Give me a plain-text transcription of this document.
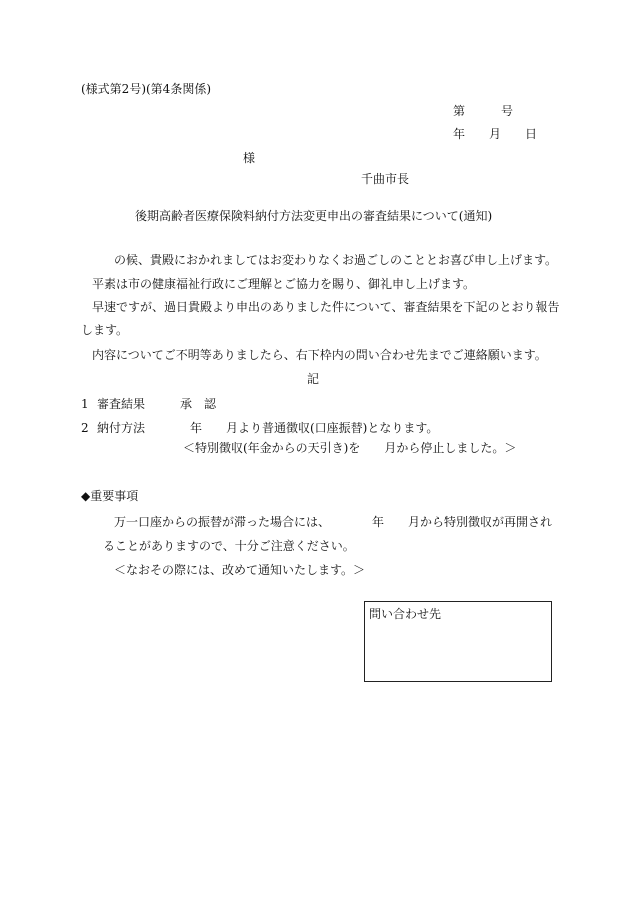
(様式第2号)(第4条関係)
第　　　号
年　　月　　日
様
千曲市長
後期高齢者医療保険料納付方法変更申出の審査結果について(通知)
の候、貴殿におかれましてはお変わりなくお過ごしのこととお喜び申し上げます。
平素は市の健康福祉行政にご理解とご協力を賜り、御礼申し上げます。
早速ですが、過日貴殿より申出のありました件について、審査結果を下記のとおり報告
します。
内容についてご不明等ありましたら、右下枠内の問い合わせ先までご連絡願います。
記
1 審査結果	承　認
2 納付方法	年　　月より普通徴収(口座振替)となります。
＜特別徴収(年金からの天引き)を　　月から停止しました。＞
◆重要事項
万一口座からの振替が滞った場合には、　　　　年　　月から特別徴収が再開され
ることがありますので、十分ご注意ください。
＜なおその際には、改めて通知いたします。＞
問い合わせ先
